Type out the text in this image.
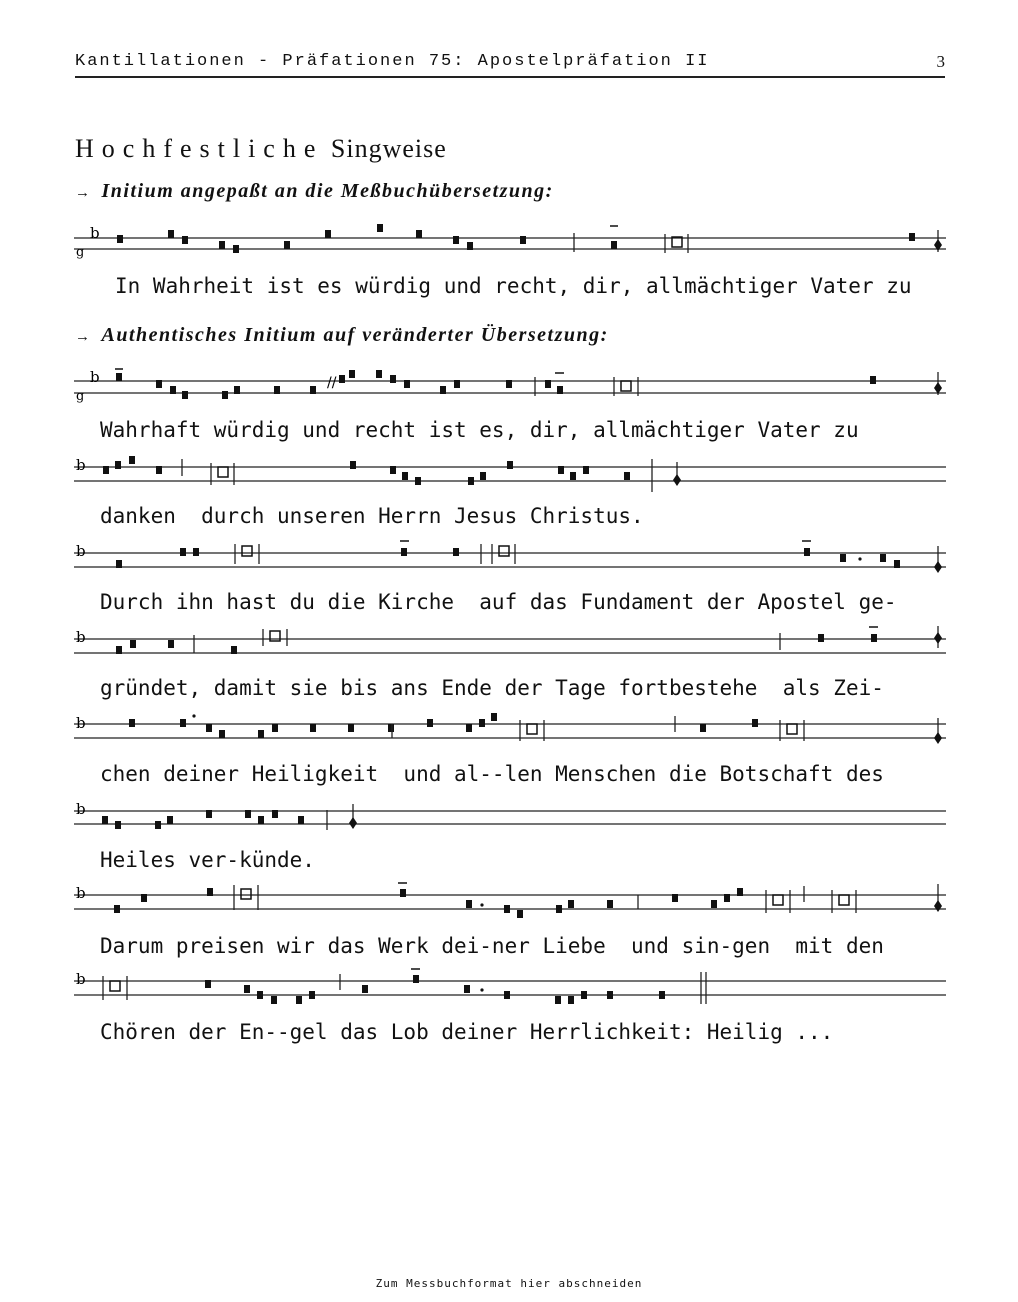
Kantillationen - Präfationen 75: Apostelpräfation II	3
Hochfestliche Singweise
→ Initium angepaßt an die Meßbuchübersetzung:
b
g
In Wahrheit ist es würdig und recht, dir, allmächtiger Vater zu
→ Authentisches Initium auf veränderter Übersetzung:
b
g
//
Wahrhaft würdig und recht ist es, dir, allmächtiger Vater zu
b
danken  durch unseren Herrn Jesus Christus.
b
Durch ihn hast du die Kirche  auf das Fundament der Apostel ge-
b
gründet, damit sie bis ans Ende der Tage fortbestehe  als Zei-
b
chen deiner Heiligkeit  und al--len Menschen die Botschaft des
b
Heiles ver-künde.
b
Darum preisen wir das Werk dei-ner Liebe  und sin-gen  mit den
b
Chören der En--gel das Lob deiner Herrlichkeit: Heilig ...
Zum Messbuchformat hier abschneiden
